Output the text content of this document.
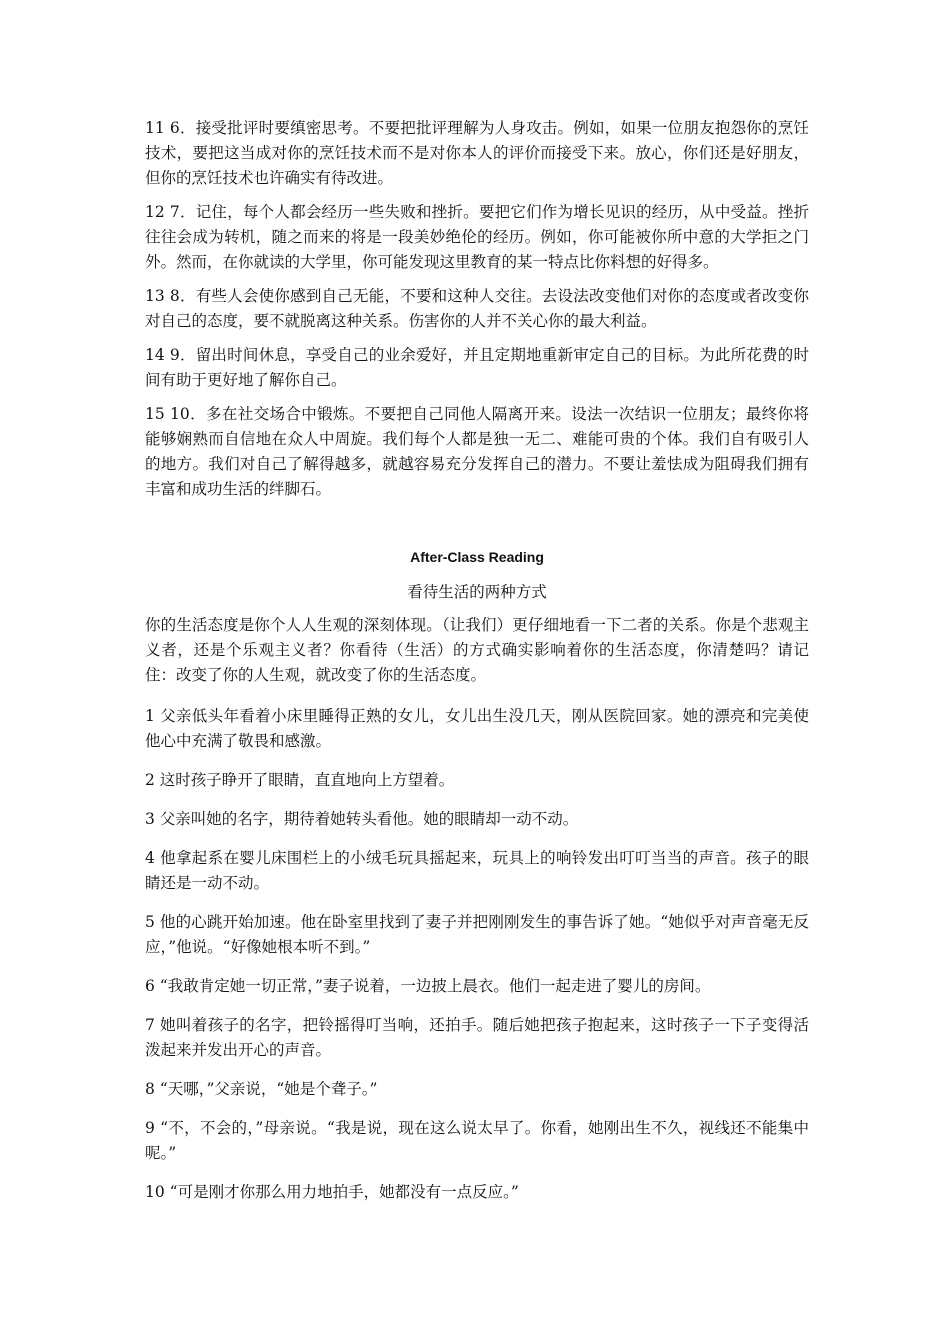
11 6．接受批评时要缜密思考。不要把批评理解为人身攻击。例如，如果一位朋友抱怨你的烹饪技术，要把这当成对你的烹饪技术而不是对你本人的评价而接受下来。放心，你们还是好朋友，但你的烹饪技术也许确实有待改进。

12 7．记住，每个人都会经历一些失败和挫折。要把它们作为增长见识的经历，从中受益。挫折往往会成为转机，随之而来的将是一段美妙绝伦的经历。例如，你可能被你所中意的大学拒之门外。然而，在你就读的大学里，你可能发现这里教育的某一特点比你料想的好得多。

13 8．有些人会使你感到自己无能，不要和这种人交往。去设法改变他们对你的态度或者改变你对自己的态度，要不就脱离这种关系。伤害你的人并不关心你的最大利益。

14 9．留出时间休息，享受自己的业余爱好，并且定期地重新审定自己的目标。为此所花费的时间有助于更好地了解你自己。

15 10．多在社交场合中锻炼。不要把自己同他人隔离开来。设法一次结识一位朋友；最终你将能够娴熟而自信地在众人中周旋。我们每个人都是独一无二、难能可贵的个体。我们自有吸引人的地方。我们对自己了解得越多，就越容易充分发挥自己的潜力。不要让羞怯成为阻碍我们拥有丰富和成功生活的绊脚石。

After-Class Reading
看待生活的两种方式

你的生活态度是你个人人生观的深刻体现。（让我们）更仔细地看一下二者的关系。你是个悲观主义者，还是个乐观主义者？你看待（生活）的方式确实影响着你的生活态度，你清楚吗？请记住：改变了你的人生观，就改变了你的生活态度。

1 父亲低头年看着小床里睡得正熟的女儿，女儿出生没几天，刚从医院回家。她的漂亮和完美使他心中充满了敬畏和感激。

2 这时孩子睁开了眼睛，直直地向上方望着。

3 父亲叫她的名字，期待着她转头看他。她的眼睛却一动不动。

4 他拿起系在婴儿床围栏上的小绒毛玩具摇起来，玩具上的响铃发出叮叮当当的声音。孩子的眼睛还是一动不动。

5 他的心跳开始加速。他在卧室里找到了妻子并把刚刚发生的事告诉了她。“她似乎对声音毫无反应，”他说。“好像她根本听不到。”

6 “我敢肯定她一切正常，”妻子说着，一边披上晨衣。他们一起走进了婴儿的房间。

7 她叫着孩子的名字，把铃摇得叮当响，还拍手。随后她把孩子抱起来，这时孩子一下子变得活泼起来并发出开心的声音。

8 “天哪，”父亲说，“她是个聋子。”

9 “不，不会的，”母亲说。“我是说，现在这么说太早了。你看，她刚出生不久，视线还不能集中呢。”

10 “可是刚才你那么用力地拍手，她都没有一点反应。”
